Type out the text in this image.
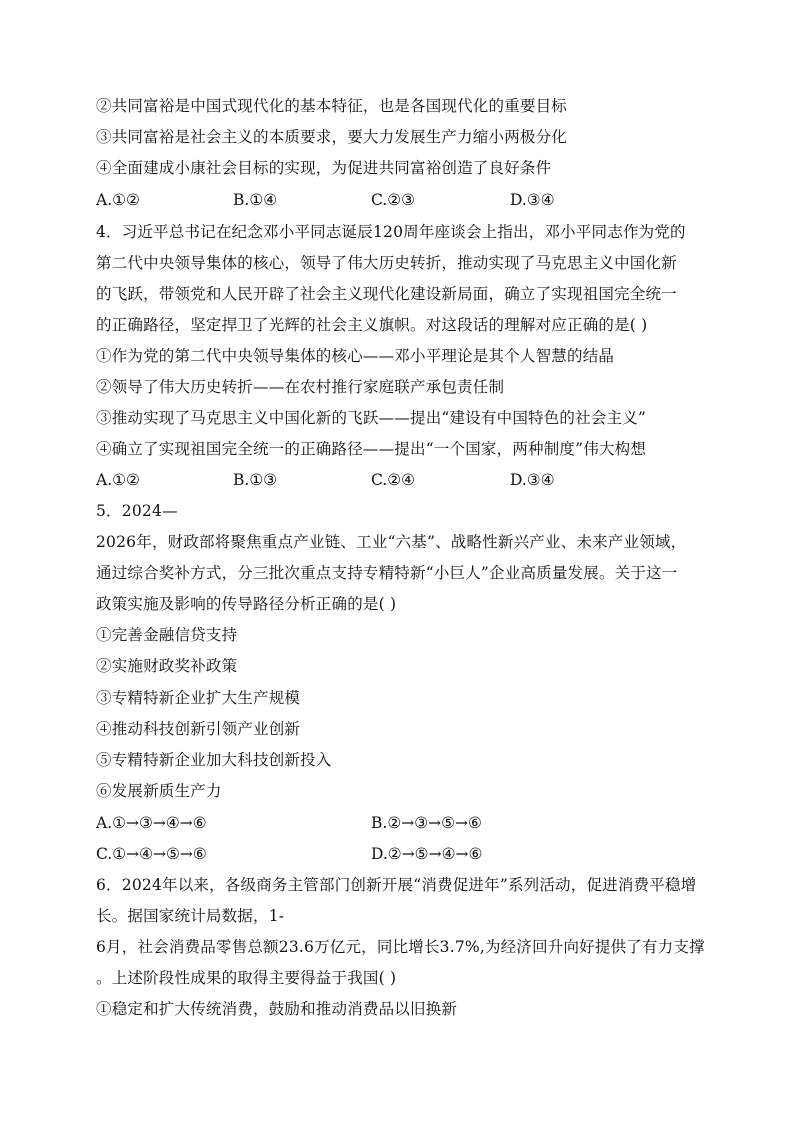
②共同富裕是中国式现代化的基本特征，也是各国现代化的重要目标
③共同富裕是社会主义的本质要求，要大力发展生产力缩小两极分化
④全面建成小康社会目标的实现，为促进共同富裕创造了良好条件
A.①②	B.①④	C.②③	D.③④
4．习近平总书记在纪念邓小平同志诞辰120周年座谈会上指出，邓小平同志作为党的
第二代中央领导集体的核心，领导了伟大历史转折，推动实现了马克思主义中国化新
的飞跃，带领党和人民开辟了社会主义现代化建设新局面，确立了实现祖国完全统一
的正确路径，坚定捍卫了光辉的社会主义旗帜。对这段话的理解对应正确的是( )
①作为党的第二代中央领导集体的核心——邓小平理论是其个人智慧的结晶
②领导了伟大历史转折——在农村推行家庭联产承包责任制
③推动实现了马克思主义中国化新的飞跃——提出“建设有中国特色的社会主义”
④确立了实现祖国完全统一的正确路径——提出“一个国家，两种制度”伟大构想
A.①②	B.①③	C.②④	D.③④
5．2024—
2026年，财政部将聚焦重点产业链、工业“六基”、战略性新兴产业、未来产业领域，
通过综合奖补方式，分三批次重点支持专精特新“小巨人”企业高质量发展。关于这一
政策实施及影响的传导路径分析正确的是( )
①完善金融信贷支持
②实施财政奖补政策
③专精特新企业扩大生产规模
④推动科技创新引领产业创新
⑤专精特新企业加大科技创新投入
⑥发展新质生产力
A.①→③→④→⑥	B.②→③→⑤→⑥
C.①→④→⑤→⑥	D.②→⑤→④→⑥
6．2024年以来，各级商务主管部门创新开展“消费促进年”系列活动，促进消费平稳增
长。据国家统计局数据，1-
6月，社会消费品零售总额23.6万亿元，同比增长3.7%,为经济回升向好提供了有力支撑
。上述阶段性成果的取得主要得益于我国( )
①稳定和扩大传统消费，鼓励和推动消费品以旧换新
